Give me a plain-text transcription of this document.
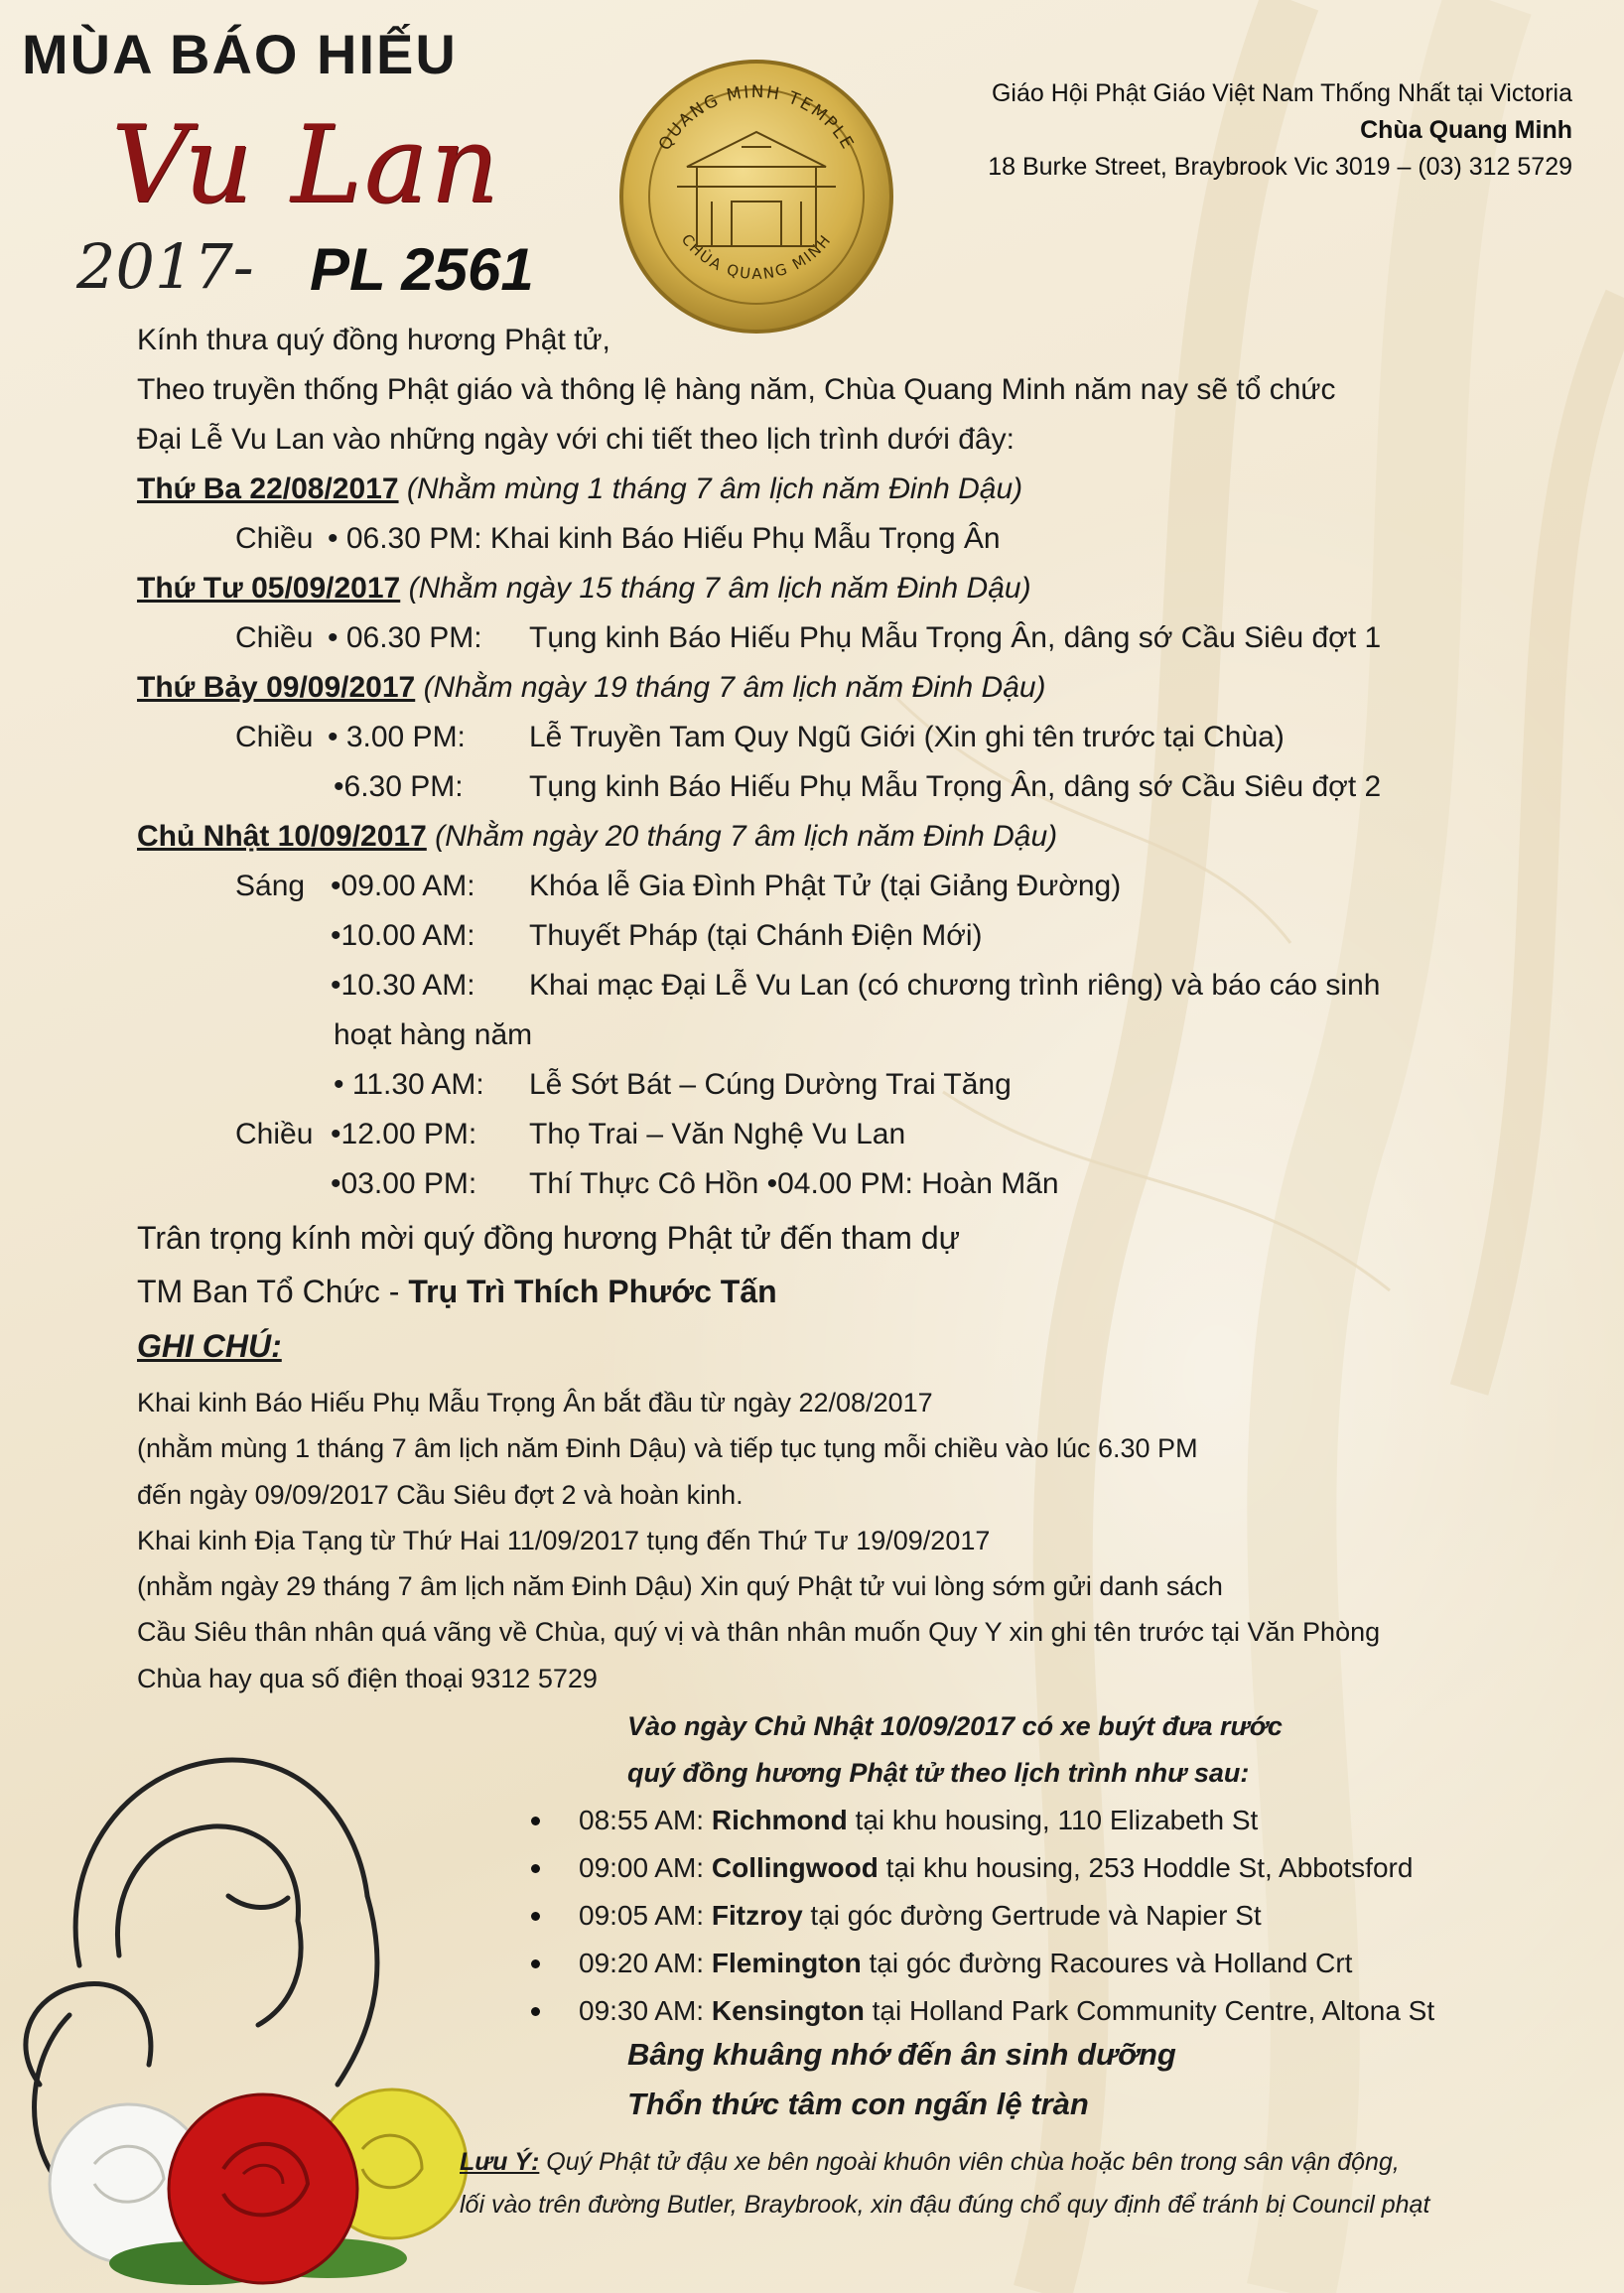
MÙA BÁO HIẾU
Vu Lan
2017- PL 2561
QUANG MINH TEMPLE
CHÙA QUANG MINH
Giáo Hội Phật Giáo Việt Nam Thống Nhất tại Victoria
Chùa Quang Minh
18 Burke Street, Braybrook Vic 3019 – (03) 312 5729
Kính thưa quý đồng hương Phật tử,
Theo truyền thống Phật giáo và thông lệ hàng năm, Chùa Quang Minh năm nay sẽ tổ chức
Đại Lễ Vu Lan vào những ngày với chi tiết theo lịch trình dưới đây:
Thứ Ba 22/08/2017 (Nhằm mùng 1 tháng 7 âm lịch năm Đinh Dậu)
Chiều • 06.30 PM: Khai kinh Báo Hiếu Phụ Mẫu Trọng Ân
Thứ Tư 05/09/2017 (Nhằm ngày 15 tháng 7 âm lịch năm Đinh Dậu)
Chiều • 06.30 PM: Tụng kinh Báo Hiếu Phụ Mẫu Trọng Ân, dâng sớ Cầu Siêu đợt 1
Thứ Bảy 09/09/2017 (Nhằm ngày 19 tháng 7 âm lịch năm Đinh Dậu)
Chiều • 3.00 PM: Lễ Truyền Tam Quy Ngũ Giới (Xin ghi tên trước tại Chùa)
•6.30 PM: Tụng kinh Báo Hiếu Phụ Mẫu Trọng Ân, dâng sớ Cầu Siêu đợt 2
Chủ Nhật 10/09/2017 (Nhằm ngày 20 tháng 7 âm lịch năm Đinh Dậu)
Sáng •09.00 AM: Khóa lễ Gia Đình Phật Tử (tại Giảng Đường)
•10.00 AM: Thuyết Pháp (tại Chánh Điện Mới)
•10.30 AM: Khai mạc Đại Lễ Vu Lan (có chương trình riêng) và báo cáo sinh
hoạt hàng năm
• 11.30 AM: Lễ Sớt Bát – Cúng Dường Trai Tăng
Chiều •12.00 PM: Thọ Trai – Văn Nghệ Vu Lan
•03.00 PM: Thí Thực Cô Hồn •04.00 PM: Hoàn Mãn
Trân trọng kính mời quý đồng hương Phật tử đến tham dự
TM Ban Tổ Chức - Trụ Trì Thích Phước Tấn
GHI CHÚ:
Khai kinh Báo Hiếu Phụ Mẫu Trọng Ân bắt đầu từ ngày 22/08/2017
(nhằm mùng 1 tháng 7 âm lịch năm Đinh Dậu) và tiếp tục tụng mỗi chiều vào lúc 6.30 PM
đến ngày 09/09/2017 Cầu Siêu đợt 2 và hoàn kinh.
Khai kinh Địa Tạng từ Thứ Hai 11/09/2017 tụng đến Thứ Tư 19/09/2017
(nhằm ngày 29 tháng 7 âm lịch năm Đinh Dậu) Xin quý Phật tử vui lòng sớm gửi danh sách
Cầu Siêu thân nhân quá vãng về Chùa, quý vị và thân nhân muốn Quy Y xin ghi tên trước tại Văn Phòng
Chùa hay qua số điện thoại 9312 5729
Vào ngày Chủ Nhật 10/09/2017 có xe buýt đưa rước
quý đồng hương Phật tử theo lịch trình như sau:
08:55 AM: Richmond tại khu housing, 110 Elizabeth St
09:00 AM: Collingwood tại khu housing, 253 Hoddle St, Abbotsford
09:05 AM: Fitzroy tại góc đường Gertrude và Napier St
09:20 AM: Flemington tại góc đường Racoures và Holland Crt
09:30 AM: Kensington tại Holland Park Community Centre, Altona St
Bâng khuâng nhớ đến ân sinh dưỡng
Thổn thức tâm con ngấn lệ tràn
Lưu Ý: Quý Phật tử đậu xe bên ngoài khuôn viên chùa hoặc bên trong sân vận động,
lối vào trên đường Butler, Braybrook, xin đậu đúng chổ quy định để tránh bị Council phạt
